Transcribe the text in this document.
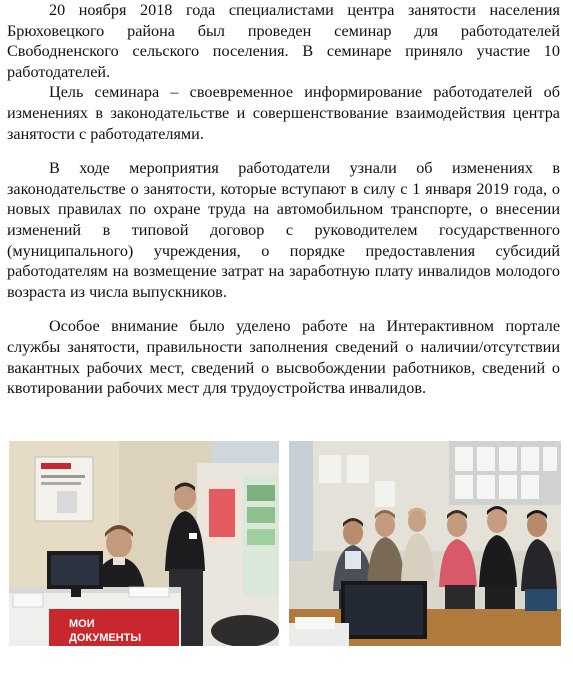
20 ноября 2018 года специалистами центра занятости населения Брюховецкого района был проведен семинар для работодателей Свободненского сельского поселения. В семинаре приняло участие 10 работодателей.

Цель семинара – своевременное информирование работодателей об изменениях в законодательстве и совершенствование взаимодействия центра занятости с работодателями.

В ходе мероприятия работодатели узнали об изменениях в законодательстве о занятости, которые вступают в силу с 1 января 2019 года, о новых правилах по охране труда на автомобильном транспорте, о внесении изменений в типовой договор с руководителем государственного (муниципального) учреждения, о порядке предоставления субсидий работодателям на возмещение затрат на заработную плату инвалидов молодого возраста из числа выпускников.

Особое внимание было уделено работе на Интерактивном портале службы занятости, правильности заполнения сведений о наличии/отсутствии вакантных рабочих мест, сведений о высвобождении работников, сведений о квотировании рабочих мест для трудоустройства инвалидов.

МОИ
ДОКУМЕНТЫ
